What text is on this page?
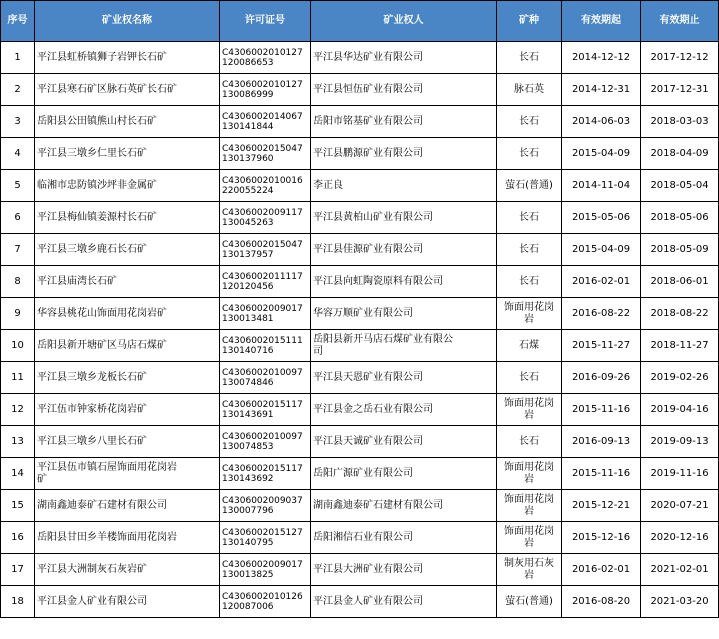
序号	矿业权名称	许可证号	矿业权人	矿种	有效期起	有效期止
1	平江县虹桥镇狮子岩钾长石矿	C4306002010127
120086653	平江县华达矿业有限公司	长石	2014-12-12	2017-12-12
2	平江县寒石矿区脉石英矿长石矿	C4306002010127
130086999	平江县恒伍矿业有限公司	脉石英	2014-12-31	2017-12-31
3	岳阳县公田镇熊山村长石矿	C4306002014067
130141844	岳阳市铭基矿业有限公司	长石	2014-06-03	2018-03-03
4	平江县三墩乡仁里长石矿	C4306002015047
130137960	平江县鹏源矿业有限公司	长石	2015-04-09	2018-04-09
5	临湘市忠防镇沙坪非金属矿	C4306002010016
220055224	李正良	萤石(普通)	2014-11-04	2018-05-04
6	平江县梅仙镇姜源村长石矿	C4306002009117
130045263	平江县黄柏山矿业有限公司	长石	2015-05-06	2018-05-06
7	平江县三墩乡鹿石长石矿	C4306002015047
130137957	平江县佳源矿业有限公司	长石	2015-04-09	2018-05-09
8	平江县庙湾长石矿	C4306002011117
120120456	平江县向虹陶瓷原料有限公司	长石	2016-02-01	2018-06-01
9	华容县桃花山饰面用花岗岩矿	C4306002009017
130013481	华容万顺矿业有限公司	饰面用花岗
岩	2016-08-22	2018-08-22
10	岳阳县新开塘矿区马店石煤矿	C4306002015111
130140716	岳阳县新开马店石煤矿业有限公
司	石煤	2015-11-27	2018-11-27
11	平江县三墩乡龙板长石矿	C4306002010097
130074846	平江县天恩矿业有限公司	长石	2016-09-26	2019-02-26
12	平江伍市钟家桥花岗岩矿	C4306002015117
130143691	平江县金之岳石业有限公司	饰面用花岗
岩	2015-11-16	2019-04-16
13	平江县三墩乡八里长石矿	C4306002010097
130074853	平江县天诚矿业有限公司	长石	2016-09-13	2019-09-13
14	平江县伍市镇石屋饰面用花岗岩
矿	C4306002015117
130143692	岳阳广源矿业有限公司	饰面用花岗
岩	2015-11-16	2019-11-16
15	湖南鑫迪泰矿石建材有限公司	C4306002009037
130007796	湖南鑫迪泰矿石建材有限公司	饰面用花岗
岩	2015-12-21	2020-07-21
16	岳阳县甘田乡羊楼饰面用花岗岩	C4306002015127
130140795	岳阳湘信石业有限公司	饰面用花岗
岩	2015-12-16	2020-12-16
17	平江县大洲制灰石灰岩矿	C4306002009017
130013825	平江县大洲矿业有限公司	制灰用石灰
岩	2016-02-01	2021-02-01
18	平江县金人矿业有限公司	C4306002010126
120087006	平江县金人矿业有限公司	萤石(普通)	2016-08-20	2021-03-20
